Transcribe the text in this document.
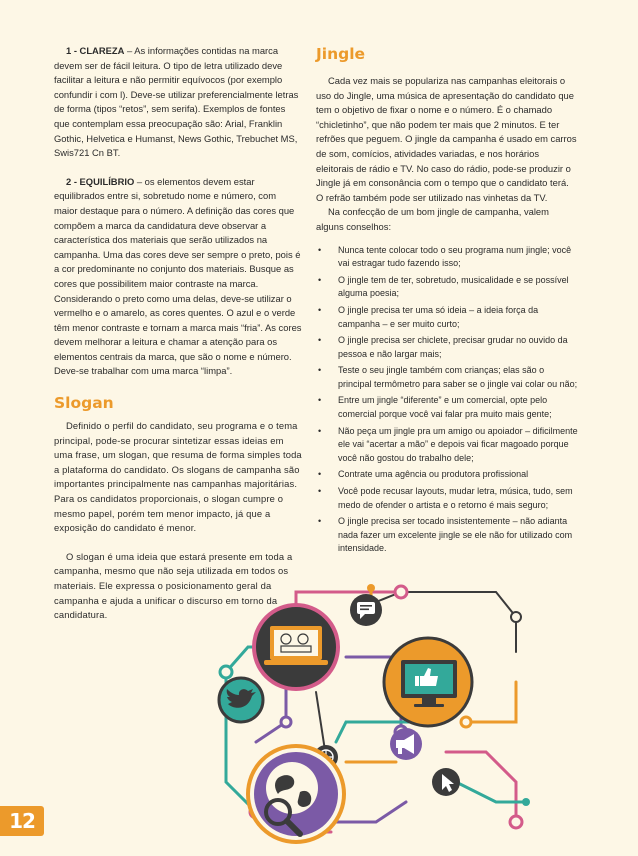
1 - CLAREZA – As informações contidas na marca devem ser de fácil leitura. O tipo de letra utilizado deve facilitar a leitura e não permitir equívocos (por exemplo confundir i com l). Deve-se utilizar preferencialmente letras de forma (tipos “retos”, sem serifa). Exemplos de fontes que contemplam essa preocupação são: Arial, Franklin Gothic, Helvetica e Humanst, News Gothic, Trebuchet MS, Swis721 Cn BT.

2 - EQUILÍBRIO – os elementos devem estar equilibrados entre si, sobretudo nome e número, com maior destaque para o número. A definição das cores que compõem a marca da candidatura deve observar a característica dos materiais que serão utilizados na campanha. Uma das cores deve ser sempre o preto, pois é a cor predominante no conjunto dos materiais. Busque as cores que possibilitem maior contraste na marca. Considerando o preto como uma delas, deve-se utilizar o vermelho e o amarelo, as cores quentes. O azul e o verde têm menor contraste e tornam a marca mais “fria”. As cores devem melhorar a leitura e chamar a atenção para os elementos centrais da marca, que são o nome e número. Deve-se trabalhar com uma marca “limpa”.

Slogan

Definido o perfil do candidato, seu programa e o tema principal, pode-se procurar sintetizar essas ideias em uma frase, um slogan, que resuma de forma simples toda a plataforma do candidato. Os slogans de campanha são importantes principalmente nas campanhas majoritárias. Para os candidatos proporcionais, o slogan cumpre o mesmo papel, porém tem menor impacto, já que a exposição do candidato é menor.

O slogan é uma ideia que estará presente em toda a campanha, mesmo que não seja utilizada em todos os materiais. Ele expressa o posicionamento geral da campanha e ajuda a unificar o discurso em torno da candidatura.

Jingle

Cada vez mais se populariza nas campanhas eleitorais o uso do Jingle, uma música de apresentação do candidato que tem o objetivo de fixar o nome e o número. É o chamado “chicletinho”, que não podem ter mais que 2 minutos. E ter refrões que peguem. O jingle da campanha é usado em carros de som, comícios, atividades variadas, e nos horários eleitorais de rádio e TV. No caso do rádio, pode-se produzir o Jingle já em consonância com o tempo que o candidato terá. O refrão também pode ser utilizado nas vinhetas da TV.

Na confecção de um bom jingle de campanha, valem alguns conselhos:

• Nunca tente colocar todo o seu programa num jingle; você vai estragar tudo fazendo isso;
• O jingle tem de ter, sobretudo, musicalidade e se possível alguma poesia;
• O jingle precisa ter uma só ideia – a ideia força da campanha – e ser muito curto;
• O jingle precisa ser chiclete, precisar grudar no ouvido da pessoa e não largar mais;
• Teste o seu jingle também com crianças; elas são o principal termômetro para saber se o jingle vai colar ou não;
• Entre um jingle “diferente” e um comercial, opte pelo comercial porque você vai falar pra muito mais gente;
• Não peça um jingle pra um amigo ou apoiador – dificilmente ele vai “acertar a mão” e depois vai ficar magoado porque você não gostou do trabalho dele;
• Contrate uma agência ou produtora profissional
• Você pode recusar layouts, mudar letra, música, tudo, sem medo de ofender o artista e o retorno é mais seguro;
• O jingle precisa ser tocado insistentemente – não adianta nada fazer um excelente jingle se ele não for utilizado com intensidade.
12
